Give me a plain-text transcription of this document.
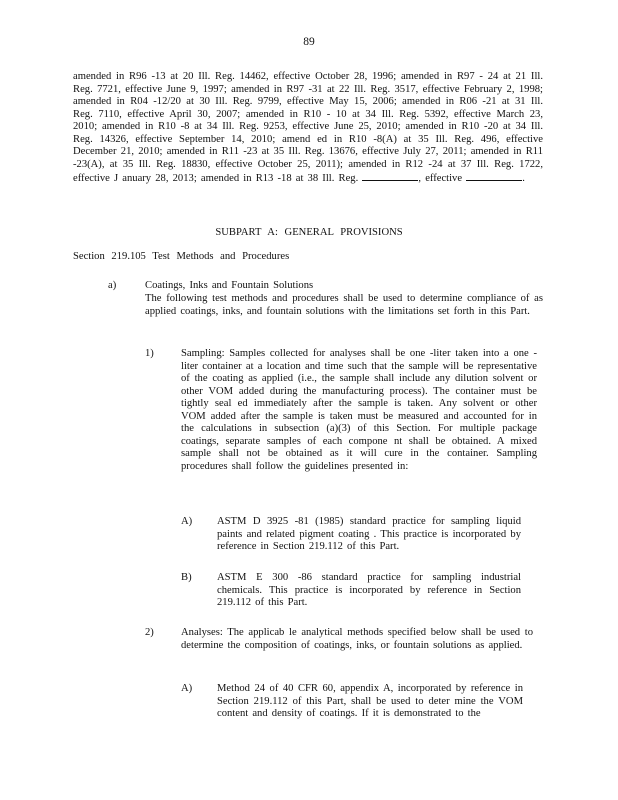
89
amended in R96 -13 at 20 Ill. Reg. 14462, effective October 28, 1996; amended in R97 - 24 at 21 Ill. Reg. 7721, effective June 9, 1997; amended in R97 -31 at 22 Ill. Reg. 3517, effective February 2, 1998; amended in R04 -12/20 at 30 Ill. Reg. 9799, effective May 15, 2006; amended in R06 -21 at 31 Ill. Reg. 7110, effective April 30, 2007; amended in R10 - 10 at 34 Ill. Reg. 5392, effective March 23, 2010; amended in R10 -8 at 34 Ill. Reg. 9253, effective June 25, 2010; amended in R10 -20 at 34 Ill. Reg. 14326, effective September 14, 2010; amend ed in R10 -8(A) at 35 Ill. Reg. 496, effective December 21, 2010; amended in R11 -23 at 35 Ill. Reg. 13676, effective July 27, 2011; amended in R11 -23(A), at 35 Ill. Reg. 18830, effective October 25, 2011); amended in R12 -24 at 37 Ill. Reg. 1722, effective J anuary 28, 2013; amended in R13 -18 at 38 Ill. Reg.	, effective	.
SUBPART A: GENERAL PROVISIONS
Section 219.105 Test Methods and Procedures
a)	Coatings, Inks and Fountain Solutions
The following test methods and procedures shall be used to determine compliance of as applied coatings, inks, and fountain solutions with the limitations set forth in this Part.
1)	Sampling: Samples collected for analyses shall be one -liter taken into a one -liter container at a location and time such that the sample will be representative of the coating as applied (i.e., the sample shall include any dilution solvent or other VOM added during the manufacturing process). The container must be tightly seal ed immediately after the sample is taken. Any solvent or other VOM added after the sample is taken must be measured and accounted for in the calculations in subsection (a)(3) of this Section. For multiple package coatings, separate samples of each compone nt shall be obtained. A mixed sample shall not be obtained as it will cure in the container. Sampling procedures shall follow the guidelines presented in:
A) ASTM D 3925 -81 (1985) standard practice for sampling liquid paints and related pigment coating . This practice is incorporated by reference in Section 219.112 of this Part.
B) ASTM E 300 -86 standard practice for sampling industrial chemicals. This practice is incorporated by reference in Section 219.112 of this Part.
2)	Analyses: The applicab le analytical methods specified below shall be used to determine the composition of coatings, inks, or fountain solutions as applied.
A) Method 24 of 40 CFR 60, appendix A, incorporated by reference in Section 219.112 of this Part, shall be used to deter mine the VOM content and density of coatings. If it is demonstrated to the
